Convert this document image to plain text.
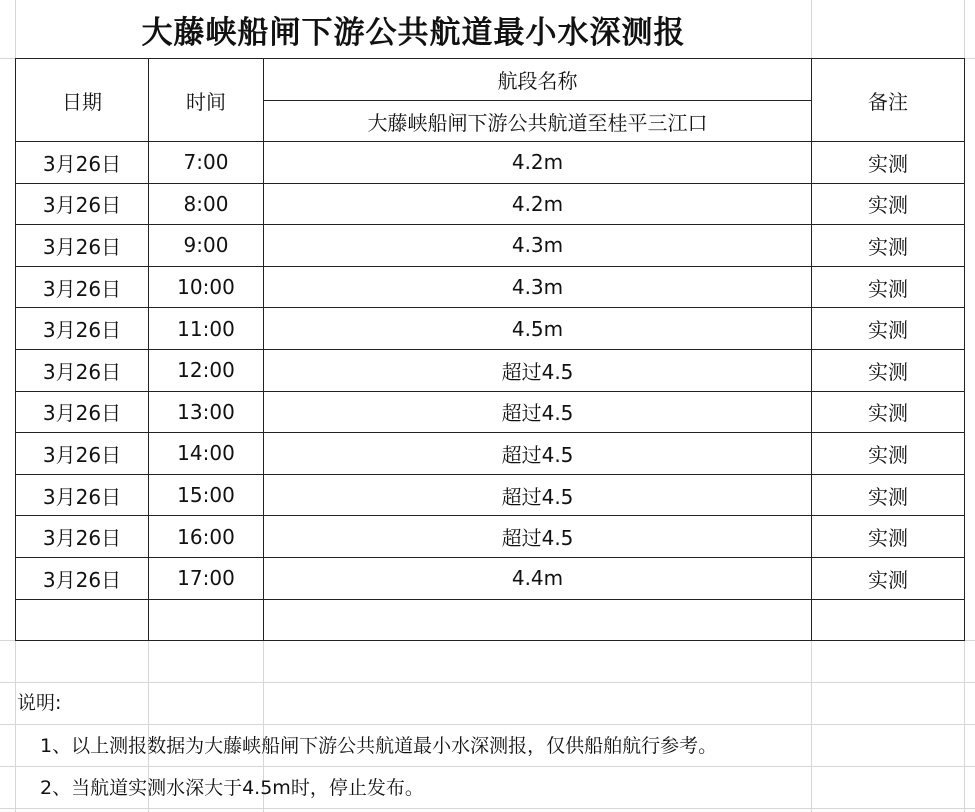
大藤峡船闸下游公共航道最小水深测报
日期	时间	航段名称	备注
		大藤峡船闸下游公共航道至桂平三江口	
3月26日	7:00	4.2m	实测
3月26日	8:00	4.2m	实测
3月26日	9:00	4.3m	实测
3月26日	10:00	4.3m	实测
3月26日	11:00	4.5m	实测
3月26日	12:00	超过4.5	实测
3月26日	13:00	超过4.5	实测
3月26日	14:00	超过4.5	实测
3月26日	15:00	超过4.5	实测
3月26日	16:00	超过4.5	实测
3月26日	17:00	4.4m	实测

说明:
1、以上测报数据为大藤峡船闸下游公共航道最小水深测报，仅供船舶航行参考。
2、当航道实测水深大于4.5m时，停止发布。
